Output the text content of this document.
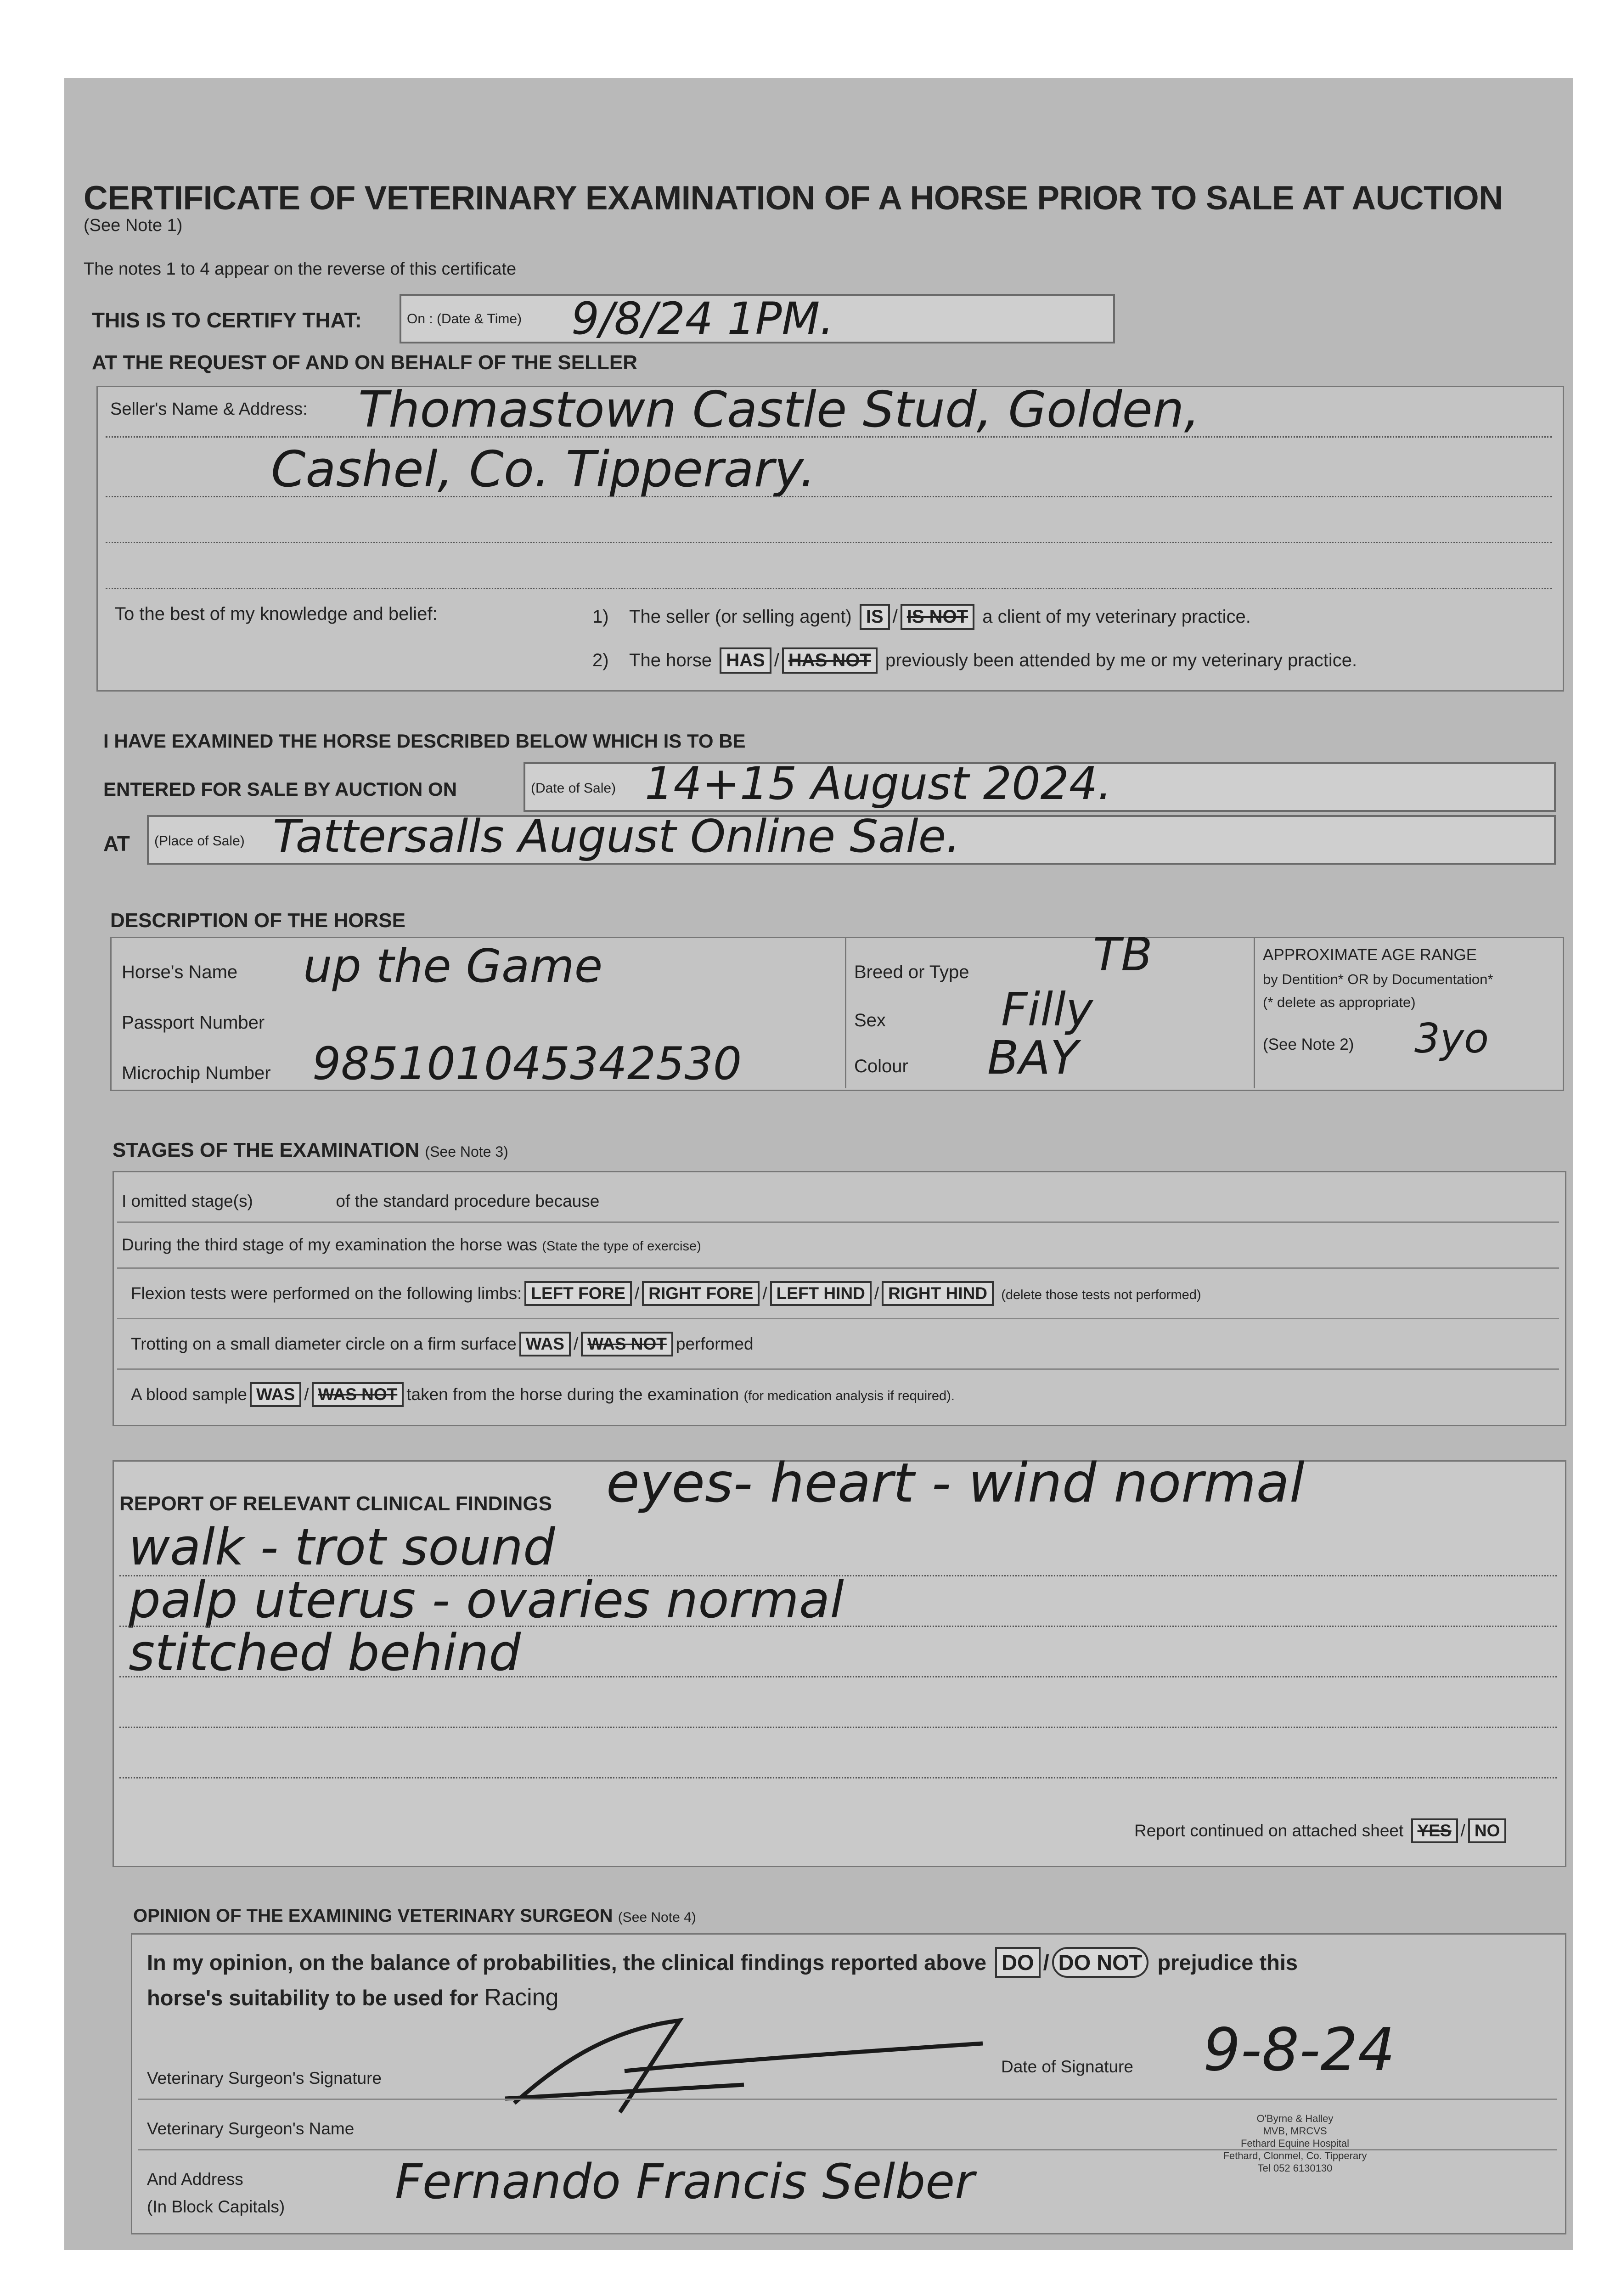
CERTIFICATE OF VETERINARY EXAMINATION OF A HORSE PRIOR TO SALE AT AUCTION
(See Note 1)
The notes 1 to 4 appear on the reverse of this certificate
THIS IS TO CERTIFY THAT:	On : (Date & Time) 9/8/24 1PM.
AT THE REQUEST OF AND ON BEHALF OF THE SELLER
Seller's Name & Address: Thomastown Castle Stud, Golden,
Cashel, Co. Tipperary.
To the best of my knowledge and belief:	1) The seller (or selling agent) IS / IS NOT a client of my veterinary practice.
2) The horse HAS / HAS NOT previously been attended by me or my veterinary practice.
I HAVE EXAMINED THE HORSE DESCRIBED BELOW WHICH IS TO BE
ENTERED FOR SALE BY AUCTION ON	(Date of Sale) 14+15 August 2024.
AT (Place of Sale) Tattersalls August Online Sale.
DESCRIPTION OF THE HORSE
Horse's Name up the Game
Passport Number
Microchip Number 985101045342530
Breed or Type	TB
Sex	Filly
Colour BAY
APPROXIMATE AGE RANGE
by Dentition* OR by Documentation*
(* delete as appropriate)
(See Note 2) 3yo
STAGES OF THE EXAMINATION (See Note 3)
I omitted stage(s)	of the standard procedure because
During the third stage of my examination the horse was (State the type of exercise)
Flexion tests were performed on the following limbs: LEFT FORE / RIGHT FORE / LEFT HIND / RIGHT HIND (delete those tests not performed)
Trotting on a small diameter circle on a firm surface WAS / WAS NOT performed
A blood sample WAS / WAS NOT taken from the horse during the examination (for medication analysis if required).
REPORT OF RELEVANT CLINICAL FINDINGS eyes- heart - wind normal
walk - trot sound
palp uterus - ovaries normal
stitched behind
Report continued on attached sheet YES / NO
OPINION OF THE EXAMINING VETERINARY SURGEON (See Note 4)
In my opinion, on the balance of probabilities, the clinical findings reported above DO / DO NOT prejudice this
horse's suitability to be used for Racing
Veterinary Surgeon's Signature
Date of Signature 9-8-24
Veterinary Surgeon's Name
And Address
(In Block Capitals) Fernando Francis Selber
O'Byrne & Halley
MVB, MRCVS
Fethard Equine Hospital
Fethard, Clonmel, Co. Tipperary
Tel 052 6130130
